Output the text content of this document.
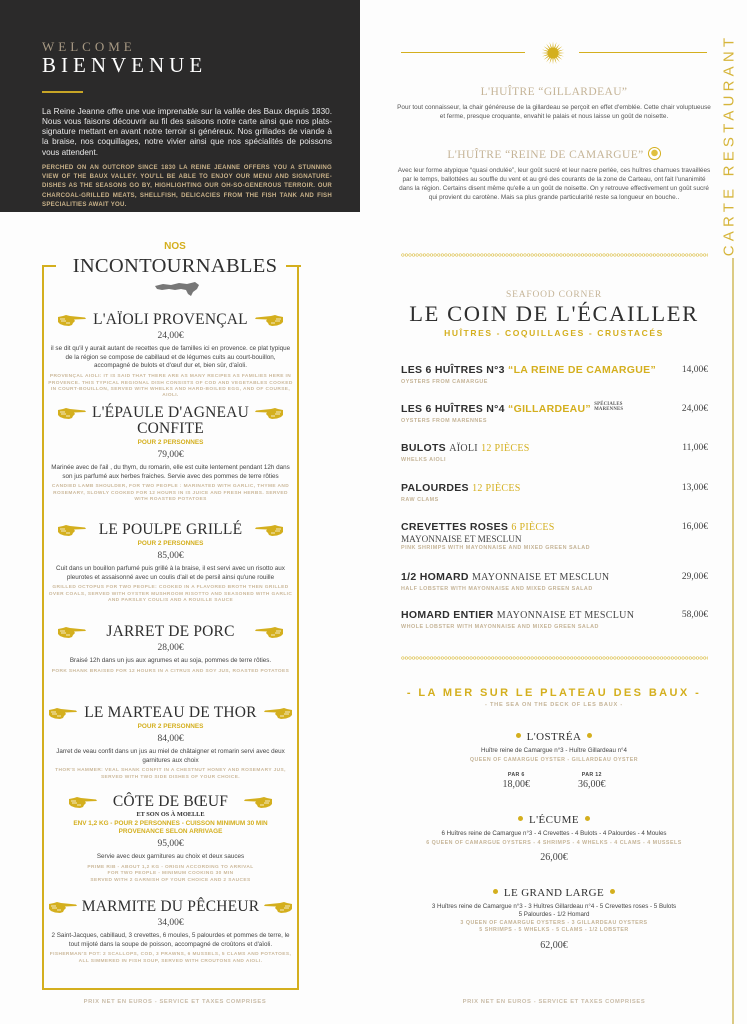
WELCOME
BIENVENUE

La Reine Jeanne offre une vue imprenable sur la vallée des Baux depuis 1830. Nous vous faisons découvrir au fil des saisons notre carte ainsi que nos plats-signature mettant en avant notre terroir si généreux. Nos grillades de viande à la braise, nos coquillages, notre vivier ainsi que nos spécialités de poissons vous attendent.

PERCHED ON AN OUTCROP SINCE 1830 LA REINE JEANNE OFFERS YOU A STUNNING VIEW OF THE BAUX VALLEY. YOU'LL BE ABLE TO ENJOY OUR MENU AND SIGNATURE-DISHES AS THE SEASONS GO BY, HIGHLIGHTING OUR OH-SO-GENEROUS TERROIR. OUR CHARCOAL-GRILLED MEATS, SHELLFISH, DELICACIES FROM THE FISH TANK AND FISH SPECIALITIES AWAIT YOU.	CARTE RESTAURANT
L'HUÎTRE “GILLARDEAU”

Pour tout connaisseur, la chair généreuse de la gillardeau se perçoit en effet d'emblée. Cette chair voluptueuse et ferme, presque croquante, envahit le palais et nous laisse un goût de noisette.

L'HUÎTRE “REINE DE CAMARGUE”

Avec leur forme atypique “quasi ondulée”, leur goût sucré et leur nacre perlée, ces huîtres charnues travaillées par le temps, ballottées au souffle du vent et au gré des courants de la zone de Carteau, ont fait l'unanimité dans la région. Certains disent même qu'elle a un goût de noisette. On y retrouve effectivement un goût sucré qui provient du carotène. Mais sa plus grande particularité reste sa longueur en bouche..

SEAFOOD CORNER
LE COIN DE L'ÉCAILLER
HUÎTRES - COQUILLAGES - CRUSTACÉS
LES 6 HUÎTRES N°3 “LA REINE DE CAMARGUE”
OYSTERS FROM CAMARGUE
14,00€
LES 6 HUÎTRES N°4 “GILLARDEAU” SPÉCIALES
MARENNES
OYSTERS FROM MARENNES
24,00€
BULOTS AÏOLI 12 PIÈCES
WHELKS AIOLI
11,00€
PALOURDES 12 PIÈCES
RAW CLAMS
13,00€
CREVETTES ROSES 6 PIÈCES
MAYONNAISE ET MESCLUN
PINK SHRIMPS WITH MAYONNAISE AND MIXED GREEN SALAD
16,00€
1/2 HOMARD MAYONNAISE ET MESCLUN
HALF LOBSTER WITH MAYONNAISE AND MIXED GREEN SALAD
29,00€
HOMARD ENTIER MAYONNAISE ET MESCLUN
WHOLE LOBSTER WITH MAYONNAISE AND MIXED GREEN SALAD
58,00€
- LA MER SUR LE PLATEAU DES BAUX -
- THE SEA ON THE DECK OF LES BAUX -
L'OSTRÉA
Huître reine de Camargue n°3 - Huître Gillardeau n°4
QUEEN OF CAMARGUE OYSTER - GILLARDEAU OYSTER
PAR 6
18,00€
PAR 12
36,00€
L'ÉCUME
6 Huîtres reine de Camargue n°3 - 4 Crevettes - 4 Bulots - 4 Palourdes - 4 Moules
6 QUEEN OF CAMARGUE OYSTERS - 4 SHRIMPS - 4 WHELKS - 4 CLAMS - 4 MUSSELS
26,00€
LE GRAND LARGE
3 Huîtres reine de Camargue n°3 - 3 Huîtres Gillardeau n°4 - 5 Crevettes roses - 5 Bulots
5 Palourdes - 1/2 Homard
3 QUEEN OF CAMARGUE OYSTERS - 3 GILLARDEAU OYSTERS
5 SHRIMPS - 5 WHELKS - 5 CLAMS - 1/2 LOBSTER
62,00€
PRIX NET EN EUROS - SERVICE ET TAXES COMPRISES
NOS
INCONTOURNABLES
L'AÏOLI PROVENÇAL
24,00€
il se dit qu'il y aurait autant de recettes que de familles ici en provence. ce plat typique de la région se compose de cabillaud et de légumes cuits au court-bouillon, accompagné de bulots et d'œuf dur et, bien sûr, d'aïoli.
PROVENÇAL AIOLI: IT IS SAID THAT THERE ARE AS MANY RECIPES AS FAMILIES HERE IN PROVENCE. THIS TYPICAL REGIONAL DISH CONSISTS OF COD AND VEGETABLES COOKED IN COURT-BOUILLON, SERVED WITH WHELKS AND HARD-BOILED EGG, AND OF COURSE, AIOLI.
L'ÉPAULE D'AGNEAU
CONFITE
POUR 2 PERSONNES
79,00€
Marinée avec de l'ail , du thym, du romarin, elle est cuite lentement pendant 12h dans son jus parfumé aux herbes fraiches. Servie avec des pommes de terre rôties
CANDIED LAMB SHOULDER, FOR TWO PEOPLE : MARINATED WITH GARLIC, THYME AND ROSEMARY, SLOWLY COOKED FOR 12 HOURS IN IS JUICE AND FRESH HERBS. SERVED WITH ROASTED POTATOES
LE POULPE GRILLÉ
POUR 2 PERSONNES
85,00€
Cuit dans un bouillon parfumé puis grillé à la braise, il est servi avec un risotto aux pleurotes et assaisonné avec un coulis d'ail et de persil ainsi qu'une rouille
GRILLED OCTOPUS FOR TWO PEOPLE: COOKED IN A FLAVORED BROTH THEN GRILLED OVER COALS, SERVED WITH OYSTER MUSHROOM RISOTTO AND SEASONED WITH GARLIC AND PARSLEY COULIS AND A ROUILLE SAUCE
JARRET DE PORC
28,00€
Braisé 12h dans un jus aux agrumes et au soja, pommes de terre rôties.
PORK SHANK BRAISED FOR 12 HOURS IN A CITRUS AND SOY JUS, ROASTED POTATOES
LE MARTEAU DE THOR
POUR 2 PERSONNES
84,00€
Jarret de veau confit dans un jus au miel de châtaigner et romarin servi avec deux garnitures aux choix
THOR'S HAMMER: VEAL SHANK CONFIT IN A CHESTNUT HONEY AND ROSEMARY JUS, SERVED WITH TWO SIDE DISHES OF YOUR CHOICE.
CÔTE DE BŒUF
ET SON OS À MOELLE
ENV 1,2 KG - POUR 2 PERSONNES - CUISSON MINIMUM 30 MIN
PROVENANCE SELON ARRIVAGE
95,00€
Servie avec deux garnitures au choix et deux sauces
PRIME RIB - ABOUT 1,2 KG - ORIGIN ACCORDING TO ARRIVAL
FOR TWO PEOPLE - MINIMUM COOKING 30 MIN
SERVED WITH 2 GARNISH OF YOUR CHOICE AND 2 SAUCES
MARMITE DU PÊCHEUR
34,00€
2 Saint-Jacques, cabillaud, 3 crevettes, 6 moules, 5 palourdes et pommes de terre, le tout mijoté dans la soupe de poisson, accompagné de croûtons et d'aïoli.
FISHERMAN'S POT: 2 SCALLOPS, COD, 3 PRAWNS, 6 MUSSELS, 5 CLAMS AND POTATOES, ALL SIMMERED IN FISH SOUP, SERVED WITH CROUTONS AND AIOLI.
PRIX NET EN EUROS - SERVICE ET TAXES COMPRISES
